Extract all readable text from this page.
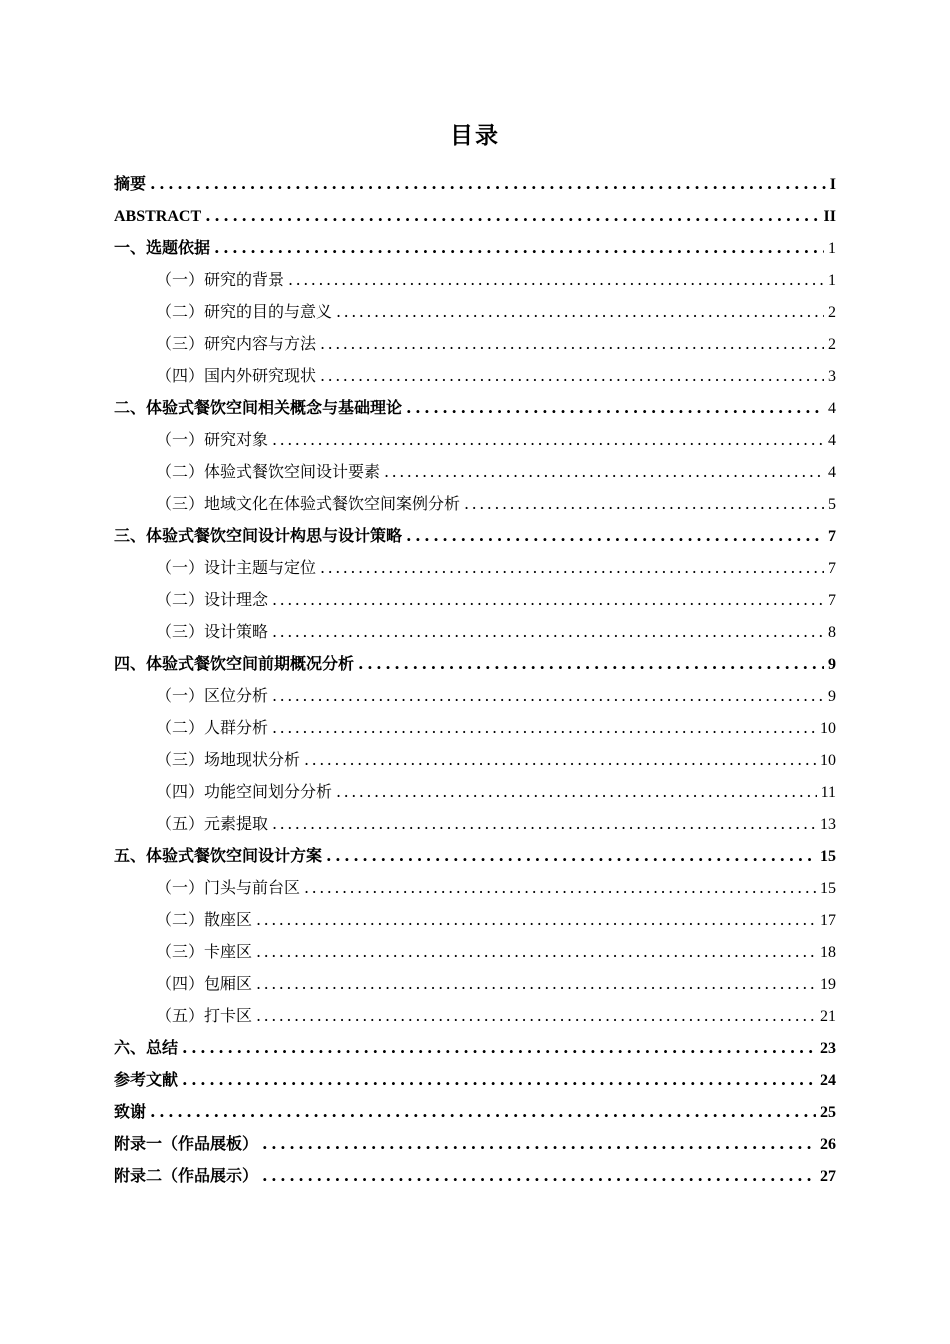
目录
摘要 .....	I
ABSTRACT .....	II
一、选题依据 .....	1
（一）研究的背景 .....	1
（二）研究的目的与意义 .....	2
（三）研究内容与方法 .....	2
（四）国内外研究现状 .....	3
二、体验式餐饮空间相关概念与基础理论 .....	4
（一）研究对象 .....	4
（二）体验式餐饮空间设计要素 .....	4
（三）地域文化在体验式餐饮空间案例分析 .....	5
三、体验式餐饮空间设计构思与设计策略 .....	7
（一）设计主题与定位 .....	7
（二）设计理念 .....	7
（三）设计策略 .....	8
四、体验式餐饮空间前期概况分析 .....	9
（一）区位分析 .....	9
（二）人群分析 .....	10
（三）场地现状分析 .....	10
（四）功能空间划分分析 .....	11
（五）元素提取 .....	13
五、体验式餐饮空间设计方案 .....	15
（一）门头与前台区 .....	15
（二）散座区 .....	17
（三）卡座区 .....	18
（四）包厢区 .....	19
（五）打卡区 .....	21
六、总结 .....	23
参考文献 .....	24
致谢 .....	25
附录一（作品展板） .....	26
附录二（作品展示） .....	27
